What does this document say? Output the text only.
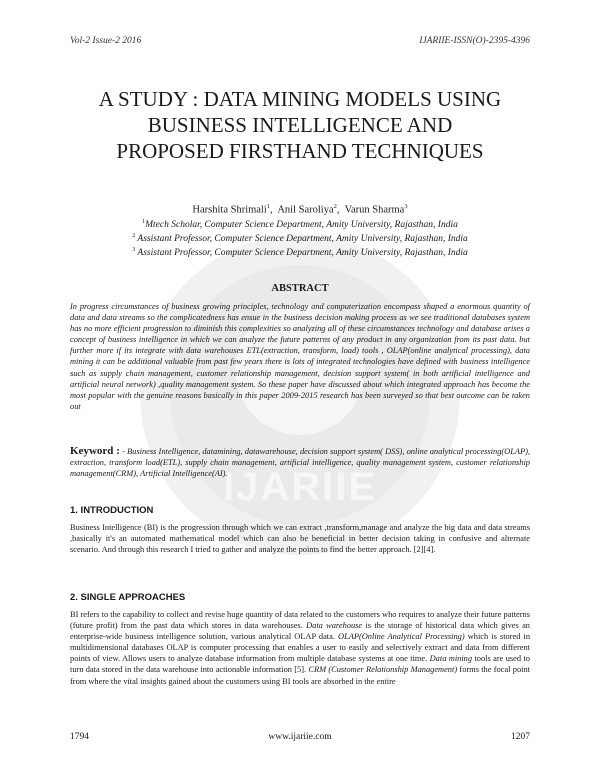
IJARIIE
Vol-2 Issue-2 2016	IJARIIE-ISSN(O)-2395-4396
A STUDY : DATA MINING MODELS USING
BUSINESS INTELLIGENCE AND
PROPOSED FIRSTHAND TECHNIQUES
Harshita Shrimali$^1$,  Anil Saroliya$^2$,  Varun Sharma$^3$
$^1$Mtech Scholar, Computer Science Department, Amity University, Rajasthan, India
$^2$ Assistant Professor, Computer Science Department, Amity University, Rajasthan, India
$^3$ Assistant Professor, Computer Science Department, Amity University, Rajasthan, India
ABSTRACT
In progress circumstances of business growing principles, technology and computerization encompass shaped a enormous quantity of data and data streams so the complicatedness has ensue in the business decision making process as we see traditional databases system has no more efficient progression to diminish this complexities so analyzing all of these circumstances technology and database arises a concept of business intelligence in which we can analyze the future patterns of any product in any organization from its past data. but further more if its integrate with data warehouses ETL(extraction, transform, load) tools , OLAP(online analytical processing), data mining it can be additional valuable from past few years there is lots of integrated technologies have defined with business intelligence such as supply chain management, customer relationship management, decision support system( in both artificial intelligence and artificial neural network) ,quality management system. So these paper have discussed about which integrated approach has become the most popular with the genuine reasons basically in this paper 2009-2015 research has been surveyed so that best outcome can be taken out
Keyword : - Business Intelligence, datamining, datawarehouse, decision support system( DSS), online analytical processing(OLAP), extraction, transform load(ETL), supply chain management, artificial intelligence, quality management system, customer relationship management(CRM), Artificial Intelligence(AI).
1. INTRODUCTION
Business Intelligence (BI) is the progression through which we can extract ,transform,manage and analyze the big data and data streams ,basically it's an automated mathematical model which can also be beneficial in better decision taking in confusive and alternate scenario. And through this research I tried to gather and analyze the points to find the better approach. [2][4].
2. SINGLE APPROACHES
BI refers to the capability to collect and revise huge quantity of data related to the customers who requires to analyze their future patterns (future profit) from the past data which stores in data warehouses. Data warehouse is the storage of historical data which gives an enterprise-wide business intelligence solution, various analytical OLAP data. OLAP(Online Analytical Processing) which is stored in multidimensional databases OLAP is computer processing that enables a user to easily and selectively extract and data from different points of view. Allows users to analyze database information from multiple database systems at one time. Data mining tools are used to turn data stored in the data warehouse into actionable information [5]. CRM (Customer Relationship Management) forms the focal point from where the vital insights gained about the customers using BI tools are absorbed in the entire
1794	www.ijariie.com	1207
